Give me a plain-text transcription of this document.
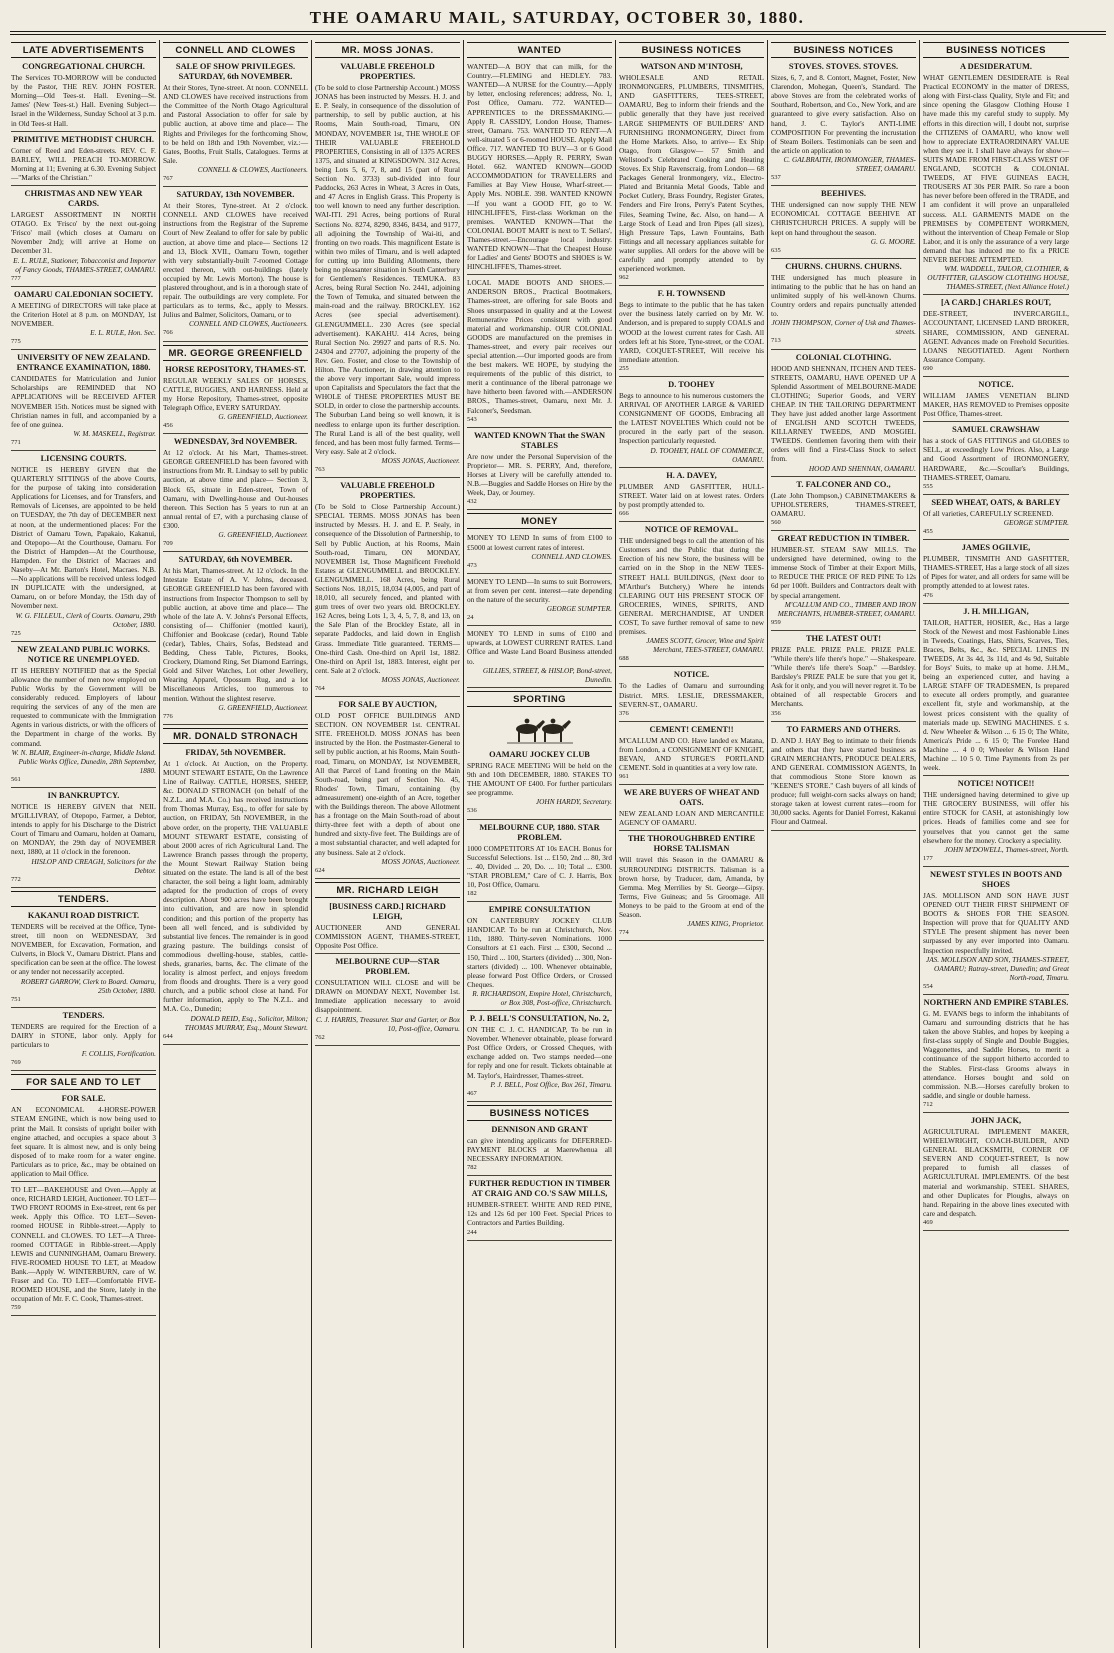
THE OAMARU MAIL, SATURDAY, OCTOBER 30, 1880.
LATE ADVERTISEMENTS
CONGREGATIONAL CHURCH.

The Services TO-MORROW will be conducted by the Pastor, THE REV. JOHN FOSTER. Morning—Old Tees-st. Hall. Evening—St. James' (New Tees-st.) Hall. Evening Subject—Israel in the Wilderness, Sunday School at 3 p.m. in Old Tees-st Hall.

PRIMITIVE METHODIST CHURCH.

Corner of Reed and Eden-streets. REV. C. F. BARLEY, WILL PREACH TO-MORROW. Morning at 11; Evening at 6.30. Evening Subject—"Marks of the Christian."

CHRISTMAS AND NEW YEAR CARDS.

LARGEST ASSORTMENT IN NORTH OTAGO. Ex 'Frisco' by the next out-going 'Frisco' mail (which closes at Oamaru on November 2nd); will arrive at Home on December 31.

E. L. RULE, Stationer, Tobacconist and Importer of Fancy Goods, THAMES-STREET, OAMARU.
777
OAMARU CALEDONIAN SOCIETY.

A MEETING of DIRECTORS will take place at the Criterion Hotel at 8 p.m. on MONDAY, 1st NOVEMBER.

E. L. RULE, Hon. Sec.
775
UNIVERSITY OF NEW ZEALAND. ENTRANCE EXAMINATION, 1880.

CANDIDATES for Matriculation and Junior Scholarships are REMINDED that NO APPLICATIONS will be RECEIVED AFTER NOVEMBER 15th. Notices must be signed with Christian names in full, and accompanied by a fee of one guinea.

W. M. MASKELL, Registrar.
771
LICENSING COURTS.

NOTICE IS HEREBY GIVEN that the QUARTERLY SITTINGS of the above Courts, for the purpose of taking into consideration Applications for Licenses, and for Transfers, and Removals of Licenses, are appointed to be held on TUESDAY, the 7th day of DECEMBER next at noon, at the undermentioned places: For the District of Oamaru Town, Papakaio, Kakanui, and Otepopo—At the Courthouse, Oamaru. For the District of Hampden—At the Courthouse, Hampden. For the District of Macraes and Naseby—At Mr. Barton's Hotel, Macraes. N.B.—No applications will be received unless lodged IN DUPLICATE with the undersigned, at Oamaru, on or before Monday, the 15th day of November next.

W. G. FILLEUL, Clerk of Courts. Oamaru, 29th October, 1880.
725
NEW ZEALAND PUBLIC WORKS. NOTICE RE UNEMPLOYED.

IT IS HEREBY NOTIFIED that as the Special allowance the number of men now employed on Public Works by the Government will be considerably reduced. Employers of labour requiring the services of any of the men are requested to communicate with the Immigration Agents in various districts, or with the officers of the Department in charge of the works. By command.

W. N. BLAIR, Engineer-in-charge, Middle Island. Public Works Office, Dunedin, 28th September, 1880.
561
IN BANKRUPTCY.

NOTICE IS HEREBY GIVEN that NEIL M'GILLIVRAY, of Otepopo, Farmer, a Debtor, intends to apply for his Discharge to the District Court of Timaru and Oamaru, holden at Oamaru, on MONDAY, the 29th day of NOVEMBER next, 1880, at 11 o'clock in the forenoon.

HISLOP AND CREAGH, Solicitors for the Debtor.
772
TENDERS.
KAKANUI ROAD DISTRICT.

TENDERS will be received at the Office, Tyne-street, till noon on WEDNESDAY, 3rd NOVEMBER, for Excavation, Formation, and Culverts, in Block V., Oamaru District. Plans and specification can be seen at the office. The lowest or any tender not necessarily accepted.

ROBERT GARROW, Clerk to Board. Oamaru, 25th October, 1880.
751
TENDERS.

TENDERS are required for the Erection of a DAIRY in STONE, labor only. Apply for particulars to

F. COLLIS, Fortification.
769
FOR SALE AND TO LET
FOR SALE.

AN ECONOMICAL 4-HORSE-POWER STEAM ENGINE, which is now being used to print the Mail. It consists of upright boiler with engine attached, and occupies a space about 3 feet square. It is almost new, and is only being disposed of to make room for a water engine. Particulars as to price, &c., may be obtained on application to Mail Office.

TO LET—BAKEHOUSE and Oven.—Apply at once, RICHARD LEIGH, Auctioneer. TO LET—TWO FRONT ROOMS in Exe-street, rent 6s per week. Apply this Office. TO LET—Seven-roomed HOUSE in Ribble-street.—Apply to CONNELL and CLOWES. TO LET—A Three-roomed COTTAGE in Ribble-street.—Apply LEWIS and CUNNINGHAM, Oamaru Brewery. FIVE-ROOMED HOUSE TO LET, at Meadow Bank.—Apply W. WINTERBURN, care of W. Fraser and Co. TO LET—Comfortable FIVE-ROOMED HOUSE, and the Store, lately in the occupation of Mr. F. C. Cook, Thames-street.

759
CONNELL AND CLOWES
SALE OF SHOW PRIVILEGES. SATURDAY, 6th NOVEMBER.

At their Stores, Tyne-street. At noon. CONNELL AND CLOWES have received instructions from the Committee of the North Otago Agricultural and Pastoral Association to offer for sale by public auction, at above time and place— The Rights and Privileges for the forthcoming Show, to be held on 18th and 19th November, viz.:— Gates, Booths, Fruit Stalls, Catalogues. Terms at Sale.

CONNELL & CLOWES, Auctioneers.
767
SATURDAY, 13th NOVEMBER.

At their Stores, Tyne-street. At 2 o'clock. CONNELL AND CLOWES have received instructions from the Registrar of the Supreme Court of New Zealand to offer for sale by public auction, at above time and place— Sections 12 and 13, Block XVII., Oamaru Town, together with very substantially-built 7-roomed Cottage erected thereon, with out-buildings (lately occupied by Mr. Lewis Morton). The house is plastered throughout, and is in a thorough state of repair. The outbuildings are very complete. For particulars as to terms, &c., apply to Messrs. Julius and Balmer, Solicitors, Oamaru, or to

CONNELL AND CLOWES, Auctioneers.
766
MR. GEORGE GREENFIELD
HORSE REPOSITORY, THAMES-ST.

REGULAR WEEKLY SALES OF HORSES, CATTLE, BUGGIES, AND HARNESS. Held at my Horse Repository, Thames-street, opposite Telegraph Office, EVERY SATURDAY.

G. GREENFIELD, Auctioneer.
456
WEDNESDAY, 3rd NOVEMBER.

At 12 o'clock. At his Mart, Thames-street. GEORGE GREENFIELD has been favored with instructions from Mr. R. Lindsay to sell by public auction, at above time and place— Section 3, Block 65, situate in Eden-street, Town of Oamaru, with Dwelling-house and Out-houses thereon. This Section has 5 years to run at an annual rental of £7, with a purchasing clause of £300.

G. GREENFIELD, Auctioneer.
709
SATURDAY, 6th NOVEMBER.

At his Mart, Thames-street. At 12 o'clock. In the Intestate Estate of A. V. Johns, deceased. GEORGE GREENFIELD has been favored with instructions from Inspector Thompson to sell by public auction, at above time and place— The whole of the late A. V. Johns's Personal Effects, consisting of— Chiffonier (mottled kauri), Chiffonier and Bookcase (cedar), Round Table (cedar), Tables, Chairs, Sofas, Bedstead and Bedding, Chess Table, Pictures, Books, Crockery, Diamond Ring, Set Diamond Earrings, Gold and Silver Watches, Lot other Jewellery, Wearing Apparel, Opossum Rug, and a lot Miscellaneous Articles, too numerous to mention. Without the slightest reserve.

G. GREENFIELD, Auctioneer.
776
MR. DONALD STRONACH
FRIDAY, 5th NOVEMBER.

At 1 o'clock. At Auction, on the Property. MOUNT STEWART ESTATE, On the Lawrence Line of Railway. CATTLE, HORSES, SHEEP, &c. DONALD STRONACH (on behalf of the N.Z.L. and M.A. Co.) has received instructions from Thomas Murray, Esq., to offer for sale by auction, on FRIDAY, 5th NOVEMBER, in the above order, on the property, THE VALUABLE MOUNT STEWART ESTATE, consisting of about 2000 acres of rich Agricultural Land. The Lawrence Branch passes through the property, the Mount Stewart Railway Station being situated on the estate. The land is all of the best character, the soil being a light loam, admirably adapted for the production of crops of every description. About 900 acres have been brought into cultivation, and are now in splendid condition; and this portion of the property has been all well fenced, and is subdivided by substantial live fences. The remainder is in good grazing pasture. The buildings consist of commodious dwelling-house, stables, cattle-sheds, granaries, barns, &c. The climate of the locality is almost perfect, and enjoys freedom from floods and droughts. There is a very good church, and a public school close at hand. For further information, apply to The N.Z.L. and M.A. Co., Dunedin;

DONALD REID, Esq., Solicitor, Milton; THOMAS MURRAY, Esq., Mount Stewart.
644
MR. MOSS JONAS.
VALUABLE FREEHOLD PROPERTIES.

(To be sold to close Partnership Account.) MOSS JONAS has been instructed by Messrs. H. J. and E. P. Sealy, in consequence of the dissolution of partnership, to sell by public auction, at his Rooms, Main South-road, Timaru, ON MONDAY, NOVEMBER 1st, THE WHOLE OF THEIR VALUABLE FREEHOLD PROPERTIES, Consisting in all of 1375 ACRES 1375, and situated at KINGSDOWN. 312 Acres, being Lots 5, 6, 7, 8, and 15 (part of Rural Section No. 3733) sub-divided into four Paddocks, 263 Acres in Wheat, 3 Acres in Oats, and 47 Acres in English Grass. This Property is too well known to need any further description. WAI-ITI. 291 Acres, being portions of Rural Sections No. 8274, 8290, 8346, 8434, and 9177, all adjoining the Township of Wai-iti, and fronting on two roads. This magnificent Estate is within two miles of Timaru, and is well adapted for cutting up into Building Allotments, there being no pleasanter situation in South Canterbury for Gentlemen's Residences. TEMUKA. 83 Acres, being Rural Section No. 2441, adjoining the Town of Temuka, and situated between the main-road and the railway. BROCKLEY. 162 Acres (see special advertisement). GLENGUMMELL. 230 Acres (see special advertisement). KAKAHU. 414 Acres, being Rural Section No. 29927 and parts of R.S. No. 24304 and 27707, adjoining the property of the Rev. Geo. Foster, and close to the Township of Hilton. The Auctioneer, in drawing attention to the above very important Sale, would impress upon Capitalists and Speculators the fact that the WHOLE of THESE PROPERTIES MUST BE SOLD, in order to close the partnership accounts. The Suburban Land being so well known, it is needless to enlarge upon its further description. The Rural Land is all of the best quality, well fenced, and has been most fully farmed. Terms—Very easy. Sale at 2 o'clock.

MOSS JONAS, Auctioneer.
763
VALUABLE FREEHOLD PROPERTIES.

(To be Sold to Close Partnership Account.) SPECIAL TERMS. MOSS JONAS has been instructed by Messrs. H. J. and E. P. Sealy, in consequence of the Dissolution of Partnership, to Sell by Public Auction, at his Rooms, Main South-road, Timaru, ON MONDAY, NOVEMBER 1st, Those Magnificent Freehold Estates at GLENGUMMELL and BROCKLEY. GLENGUMMELL. 168 Acres, being Rural Sections Nos. 18,015, 18,034 (4,005, and part of 18,010, all securely fenced, and planted with gum trees of over two years old. BROCKLEY. 162 Acres, being Lots 1, 3, 4, 5, 7, 8, and 13, on the Sale Plan of the Brockley Estate, all in separate Paddocks, and laid down in English Grass. Immediate Title guaranteed. TERMS—One-third Cash. One-third on April 1st, 1882. One-third on April 1st, 1883. Interest, eight per cent. Sale at 2 o'clock.

MOSS JONAS, Auctioneer.
764
FOR SALE BY AUCTION,

OLD POST OFFICE BUILDINGS AND SECTION. ON NOVEMBER 1st. CENTRAL SITE. FREEHOLD. MOSS JONAS has been instructed by the Hon. the Postmaster-General to sell by public auction, at his Rooms, Main South-road, Timaru, on MONDAY, 1st NOVEMBER, All that Parcel of Land fronting on the Main South-road, being part of Section No. 45, Rhodes' Town, Timaru, containing (by admeasurement) one-eighth of an Acre, together with the Buildings thereon. The above Allotment has a frontage on the Main South-road of about thirty-three feet with a depth of about one hundred and sixty-five feet. The Buildings are of a most substantial character, and well adapted for any business. Sale at 2 o'clock.

MOSS JONAS, Auctioneer.
624
MR. RICHARD LEIGH
[BUSINESS CARD.] RICHARD LEIGH,

AUCTIONEER AND GENERAL COMMISSION AGENT, THAMES-STREET, Opposite Post Office.

MELBOURNE CUP—STAR PROBLEM.

CONSULTATION WILL CLOSE and will be DRAWN on MONDAY NEXT, November 1st. Immediate application necessary to avoid disappointment.

C. J. HARRIS, Treasurer. Star and Garter, or Box 10, Post-office, Oamaru.
762
WANTED

WANTED—A BOY that can milk, for the Country.—FLEMING and HEDLEY. 783. WANTED—A NURSE for the Country.—Apply by letter, enclosing references; address, No. 1, Post Office, Oamaru. 772. WANTED—APPRENTICES to the DRESSMAKING.—Apply R. CASSIDY, London House, Thames-street, Oamaru. 753. WANTED TO RENT—A well-situated 5 or 6-roomed HOUSE. Apply Mail Office. 717. WANTED TO BUY—3 or 6 Good BUGGY HORSES.—Apply R. PERRY, Swan Hotel. 662. WANTED KNOWN—GOOD ACCOMMODATION for TRAVELLERS and Families at Bay View House, Wharf-street.—Apply Mrs. NOBLE. 398. WANTED KNOWN—If you want a GOOD FIT, go to W. HINCHLIFFE'S, First-class Workman on the premises. WANTED KNOWN—That the COLONIAL BOOT MART is next to T. Sellars', Thames-street.—Encourage local industry. WANTED KNOWN—That the Cheapest House for Ladies' and Gents' BOOTS and SHOES is W. HINCHLIFFE'S, Thames-street.

LOCAL MADE BOOTS AND SHOES.—ANDERSON BROS., Practical Bootmakers, Thames-street, are offering for sale Boots and Shoes unsurpassed in quality and at the Lowest Remunerative Prices consistent with good material and workmanship. OUR COLONIAL GOODS are manufactured on the premises in Thames-street, and every pair receives our special attention.—Our imported goods are from the best makers. WE HOPE, by studying the requirements of the public of this district, to merit a continuance of the liberal patronage we have hitherto been favored with.—ANDERSON BROS., Thames-street, Oamaru, next Mr. J. Falconer's, Seedsman.

543
WANTED KNOWN That the SWAN STABLES

Are now under the Personal Supervision of the Proprietor— MR. S. PERRY, And, therefore, Horses at Livery will be carefully attended to. N.B.—Buggies and Saddle Horses on Hire by the Week, Day, or Journey.

432
MONEY

MONEY TO LEND In sums of from £100 to £5000 at lowest current rates of interest.

CONNELL AND CLOWES.
473

MONEY TO LEND—In sums to suit Borrowers, at from seven per cent. interest—rate depending on the nature of the security.

GEORGE SUMPTER.
24

MONEY TO LEND in sums of £100 and upwards, at LOWEST CURRENT RATES. Land Office and Waste Land Board Business attended to.

GILLIES, STREET, & HISLOP, Bond-street, Dunedin.
SPORTING
OAMARU JOCKEY CLUB

SPRING RACE MEETING Will be held on the 9th and 10th DECEMBER, 1880. STAKES TO THE AMOUNT OF £400. For further particulars see programme.

JOHN HARDY, Secretary.
536
MELBOURNE CUP, 1880. STAR PROBLEM.

1000 COMPETITORS AT 10s EACH. Bonus for Successful Selections. 1st ... £150, 2nd ... 80, 3rd ... 40, Divided ... 20, Do. ... 10; Total ... £300. "STAR PROBLEM," Care of C. J. Harris, Box 10, Post Office, Oamaru.

182
EMPIRE CONSULTATION

ON CANTERBURY JOCKEY CLUB HANDICAP. To be run at Christchurch, Nov. 11th, 1880. Thirty-seven Nominations. 1000 Consultors at £1 each. First ... £300, Second ... 150, Third ... 100, Starters (divided) ... 300, Non-starters (divided) ... 100. Whenever obtainable, please forward Post Office Orders, or Crossed Cheques.

R. RICHARDSON, Empire Hotel, Christchurch, or Box 308, Post-office, Christchurch.
P. J. BELL'S CONSULTATION, No. 2,

ON THE C. J. C. HANDICAP, To be run in November. Whenever obtainable, please forward Post Office Orders, or Crossed Cheques, with exchange added on. Two stamps needed—one for reply and one for result. Tickets obtainable at M. Taylor's, Hairdresser, Thames-street.

P. J. BELL, Post Office, Box 261, Timaru.
467
BUSINESS NOTICES
DENNISON AND GRANT

can give intending applicants for DEFERRED-PAYMENT BLOCKS at Maerewhenua all NECESSARY INFORMATION.

782
FURTHER REDUCTION IN TIMBER AT CRAIG AND CO.'S SAW MILLS,

HUMBER-STREET. WHITE AND RED PINE, 12s and 12s 6d per 100 Feet. Special Prices to Contractors and Parties Building.

244
BUSINESS NOTICES
WATSON AND M'INTOSH,

WHOLESALE AND RETAIL IRONMONGERS, PLUMBERS, TINSMITHS, AND GASFITTERS, TEES-STREET, OAMARU, Beg to inform their friends and the public generally that they have just received LARGE SHIPMENTS OF BUILDERS' AND FURNISHING IRONMONGERY, Direct from the Home Markets. Also, to arrive— Ex Ship Otago, from Glasgow— 57 Smith and Wellstood's Celebrated Cooking and Heating Stoves. Ex Ship Ravenscraig, from London— 68 Packages General Ironmongery, viz., Electro-Plated and Britannia Metal Goods, Table and Pocket Cutlery, Brass Foundry, Register Grates, Fenders and Fire Irons, Perry's Patent Scythes, Files, Seaming Twine, &c. Also, on hand— A Large Stock of Lead and Iron Pipes (all sizes), High Pressure Taps, Lawn Fountains, Bath Fittings and all necessary appliances suitable for water supplies. All orders for the above will be carefully and promptly attended to by experienced workmen.

962
F. H. TOWNSEND

Begs to intimate to the public that he has taken over the business lately carried on by Mr. W. Anderson, and is prepared to supply COALS and WOOD at the lowest current rates for Cash. All orders left at his Store, Tyne-street, or the COAL YARD, COQUET-STREET, Will receive his immediate attention.

255
D. TOOHEY

Begs to announce to his numerous customers the ARRIVAL OF ANOTHER LARGE & VARIED CONSIGNMENT OF GOODS, Embracing all the LATEST NOVELTIES Which could not be procured in the early part of the season. Inspection particularly requested.

D. TOOHEY, HALL OF COMMERCE, OAMARU.
H. A. DAVEY,

PLUMBER AND GASFITTER, HULL-STREET. Water laid on at lowest rates. Orders by post promptly attended to.

666
NOTICE OF REMOVAL.

THE undersigned begs to call the attention of his Customers and the Public that during the Erection of his new Store, the business will be carried on in the Shop in the NEW TEES-STREET HALL BUILDINGS, (Next door to M'Arthur's Butchery,) Where he intends CLEARING OUT HIS PRESENT STOCK OF GROCERIES, WINES, SPIRITS, AND GENERAL MERCHANDISE, AT UNDER COST, To save further removal of same to new premises.

JAMES SCOTT, Grocer, Wine and Spirit Merchant, TEES-STREET, OAMARU.
688
NOTICE.

To the Ladies of Oamaru and surrounding District. MRS. LESLIE, DRESSMAKER, SEVERN-ST., OAMARU.

376
CEMENT! CEMENT!!

M'CALLUM AND CO. Have landed ex Matana, from London, a CONSIGNMENT OF KNIGHT, BEVAN, AND STURGE'S PORTLAND CEMENT. Sold in quantities at a very low rate.

961
WE ARE BUYERS OF WHEAT AND OATS.

NEW ZEALAND LOAN AND MERCANTILE AGENCY OF OAMARU.

THE THOROUGHBRED ENTIRE HORSE TALISMAN

Will travel this Season in the OAMARU & SURROUNDING DISTRICTS. Talisman is a brown horse, by Traducer, dam, Amanda, by Gemma. Meg Merrilies by St. George—Gipsy. Terms, Five Guineas; and 5s Groomage. All Moneys to be paid to the Groom at end of the Season.

JAMES KING, Proprietor.
774
BUSINESS NOTICES
STOVES. STOVES. STOVES.

Sizes, 6, 7, and 8. Contort, Magnet, Foster, New Clarendon, Mohegan, Queen's, Standard. The above Stoves are from the celebrated works of Southard, Robertson, and Co., New York, and are guaranteed to give every satisfaction. Also on hand, J. C. Taylor's ANTI-LIME COMPOSITION For preventing the incrustation of Steam Boilers. Testimonials can be seen and the article on application to

C. GALBRAITH, IRONMONGER, THAMES-STREET, OAMARU.
537
BEEHIVES.

THE undersigned can now supply THE NEW ECONOMICAL COTTAGE BEEHIVE AT CHRISTCHURCH PRICES. A supply will be kept on hand throughout the season.

G. G. MOORE.
635
CHURNS. CHURNS. CHURNS.

THE undersigned has much pleasure in intimating to the public that he has on hand an unlimited supply of his well-known Churns. Country orders and repairs punctually attended to.

JOHN THOMPSON, Corner of Usk and Thames-streets.
713
COLONIAL CLOTHING.

HOOD AND SHENNAN, ITCHEN AND TEES-STREETS, OAMARU, HAVE OPENED UP A Splendid Assortment of MELBOURNE-MADE CLOTHING; Superior Goods, and VERY CHEAP. IN THE TAILORING DEPARTMENT They have just added another large Assortment of ENGLISH AND SCOTCH TWEEDS, KILLARNEY TWEEDS, AND MOSGIEL TWEEDS. Gentlemen favoring them with their orders will find a First-Class Stock to select from.

HOOD AND SHENNAN, OAMARU.
T. FALCONER AND CO.,

(Late John Thompson,) CABINETMAKERS & UPHOLSTERERS, THAMES-STREET, OAMARU.

560
GREAT REDUCTION IN TIMBER.

HUMBER-ST. STEAM SAW MILLS. The undersigned have determined, owing to the immense Stock of Timber at their Export Mills, to REDUCE THE PRICE OF RED PINE To 12s 6d per 100ft. Builders and Contractors dealt with by special arrangement.

M'CALLUM AND CO., TIMBER AND IRON MERCHANTS, HUMBER-STREET, OAMARU.
959
THE LATEST OUT!

PRIZE PALE. PRIZE PALE. PRIZE PALE. "While there's life there's hope." —Shakespeare. "While there's life there's Soap." —Bardsley. Bardsley's PRIZE PALE be sure that you get it, Ask for it only, and you will never regret it. To be obtained of all respectable Grocers and Merchants.

356
TO FARMERS AND OTHERS.

D. AND J. HAY Beg to intimate to their friends and others that they have started business as GRAIN MERCHANTS, PRODUCE DEALERS, AND GENERAL COMMISSION AGENTS, In that commodious Stone Store known as "KEENE'S STORE." Cash buyers of all kinds of produce; full weight-corn sacks always on hand; storage taken at lowest current rates—room for 30,000 sacks. Agents for Daniel Forrest, Kakanui Flour and Oatmeal.

BUSINESS NOTICES
A DESIDERATUM.

WHAT GENTLEMEN DESIDERATE is Real Practical ECONOMY in the matter of DRESS, along with First-class Quality, Style and Fit; and since opening the Glasgow Clothing House I have made this my careful study to supply. My efforts in this direction will, I doubt not, surprise the CITIZENS of OAMARU, who know well how to appreciate EXTRAORDINARY VALUE when they see it. I shall have always for show— SUITS MADE FROM FIRST-CLASS WEST OF ENGLAND, SCOTCH & COLONIAL TWEEDS, AT FIVE GUINEAS EACH, TROUSERS AT 30s PER PAIR. So rare a boon has never before been offered in the TRADE, and I am confident it will prove an unparalleled success. ALL GARMENTS MADE on the PREMISES by COMPETENT WORKMEN, without the intervention of Cheap Female or Slop Labor, and it is only the assurance of a very large demand that has induced me to fix a PRICE NEVER BEFORE ATTEMPTED.

WM. WADDELL, TAILOR, CLOTHIER, & OUTFITTER, GLASGOW CLOTHING HOUSE, THAMES-STREET, (Next Alliance Hotel.)
[A CARD.] CHARLES ROUT,

DEE-STREET, INVERCARGILL, ACCOUNTANT, LICENSED LAND BROKER, SHARE, COMMISSION, AND GENERAL AGENT. Advances made on Freehold Securities. LOANS NEGOTIATED. Agent Northern Assurance Company.

690
NOTICE.

WILLIAM JAMES VENETIAN BLIND MAKER, HAS REMOVED to Premises opposite Post Office, Thames-street.

SAMUEL CRAWSHAW

has a stock of GAS FITTINGS and GLOBES to SELL, at exceedingly Low Prices. Also, a Large and Good Assortment of IRONMONGERY, HARDWARE, &c.—Scoullar's Buildings, THAMES-STREET, Oamaru.

555
SEED WHEAT, OATS, & BARLEY

Of all varieties, CAREFULLY SCREENED.

GEORGE SUMPTER.
455
JAMES OGILVIE,

PLUMBER, TINSMITH AND GASFITTER, THAMES-STREET, Has a large stock of all sizes of Pipes for water, and all orders for same will be promptly attended to at lowest rates.

476
J. H. MILLIGAN,

TAILOR, HATTER, HOSIER, &c., Has a large Stock of the Newest and most Fashionable Lines in Tweeds, Coatings, Hats, Shirts, Scarves, Ties, Braces, Belts, &c., &c. SPECIAL LINES IN TWEEDS, At 3s 4d, 3s 11d, and 4s 9d, Suitable for Boys' Suits, to make up at home. J.H.M., being an experienced cutter, and having a LARGE STAFF OF TRADESMEN, Is prepared to execute all orders promptly, and guarantee excellent fit, style and workmanship, at the lowest prices consistent with the quality of materials made up. SEWING MACHINES. £ s. d. New Wheeler & Wilson ... 6 15 0; The White, America's Pride ... 6 15 0; The Forelee Hand Machine ... 4 0 0; Wheeler & Wilson Hand Machine ... 10 5 0. Time Payments from 2s per week.

NOTICE! NOTICE!!

THE undersigned having determined to give up THE GROCERY BUSINESS, will offer his entire STOCK for CASH, at astonishingly low prices. Heads of families come and see for yourselves that you cannot get the same elsewhere for the money. Crockery a speciality.

JOHN M'DOWELL, Thames-street, North.
177
NEWEST STYLES IN BOOTS AND SHOES

JAS. MOLLISON AND SON HAVE JUST OPENED OUT THEIR FIRST SHIPMENT OF BOOTS & SHOES FOR THE SEASON. Inspection will prove that for QUALITY AND STYLE The present shipment has never been surpassed by any ever imported into Oamaru. Inspection respectfully invited.

JAS. MOLLISON AND SON, THAMES-STREET, OAMARU; Ratray-street, Dunedin; and Great North-road, Timaru.
554
NORTHERN AND EMPIRE STABLES.

G. M. EVANS begs to inform the inhabitants of Oamaru and surrounding districts that he has taken the above Stables, and hopes by keeping a first-class supply of Single and Double Buggies, Waggonettes, and Saddle Horses, to merit a continuance of the support hitherto accorded to the Stables. First-class Grooms always in attendance. Horses bought and sold on commission. N.B.—Horses carefully broken to saddle, and single or double harness.

712
JOHN JACK,

AGRICULTURAL IMPLEMENT MAKER, WHEELWRIGHT, COACH-BUILDER, AND GENERAL BLACKSMITH, CORNER OF SEVERN AND COQUET-STREET, Is now prepared to furnish all classes of AGRICULTURAL IMPLEMENTS. Of the best material and workmanship. STEEL SHARES, and other Duplicates for Ploughs, always on hand. Repairing in the above lines executed with care and despatch.

469
